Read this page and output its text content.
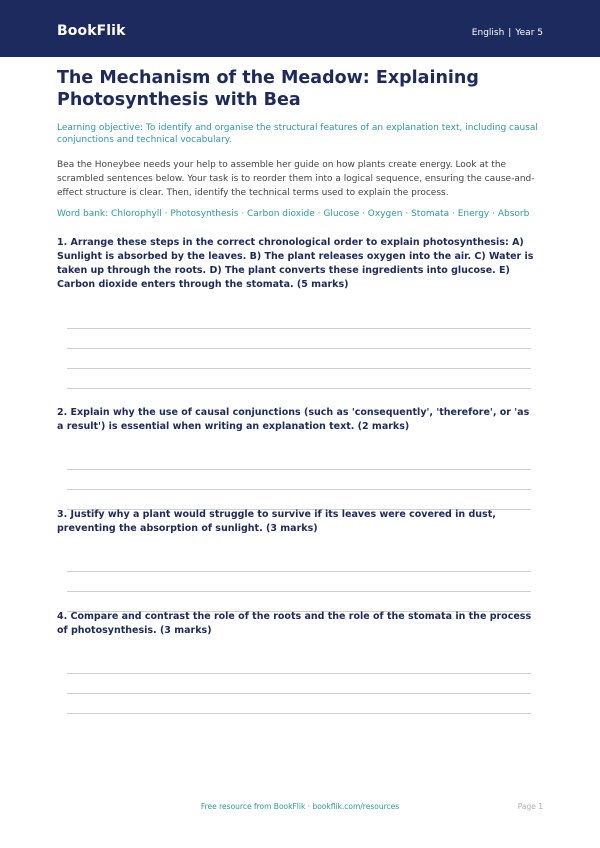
BookFlik	English | Year 5
The Mechanism of the Meadow: Explaining Photosynthesis with Bea
Learning objective: To identify and organise the structural features of an explanation text, including causal conjunctions and technical vocabulary.
Bea the Honeybee needs your help to assemble her guide on how plants create energy. Look at the scrambled sentences below. Your task is to reorder them into a logical sequence, ensuring the cause-and-effect structure is clear. Then, identify the technical terms used to explain the process.
Word bank: Chlorophyll · Photosynthesis · Carbon dioxide · Glucose · Oxygen · Stomata · Energy · Absorb
1. Arrange these steps in the correct chronological order to explain photosynthesis: A) Sunlight is absorbed by the leaves. B) The plant releases oxygen into the air. C) Water is taken up through the roots. D) The plant converts these ingredients into glucose. E) Carbon dioxide enters through the stomata. (5 marks)
2. Explain why the use of causal conjunctions (such as 'consequently', 'therefore', or 'as a result') is essential when writing an explanation text. (2 marks)
3. Justify why a plant would struggle to survive if its leaves were covered in dust, preventing the absorption of sunlight. (3 marks)
4. Compare and contrast the role of the roots and the role of the stomata in the process of photosynthesis. (3 marks)
Free resource from BookFlik · bookflik.com/resources	Page 1
